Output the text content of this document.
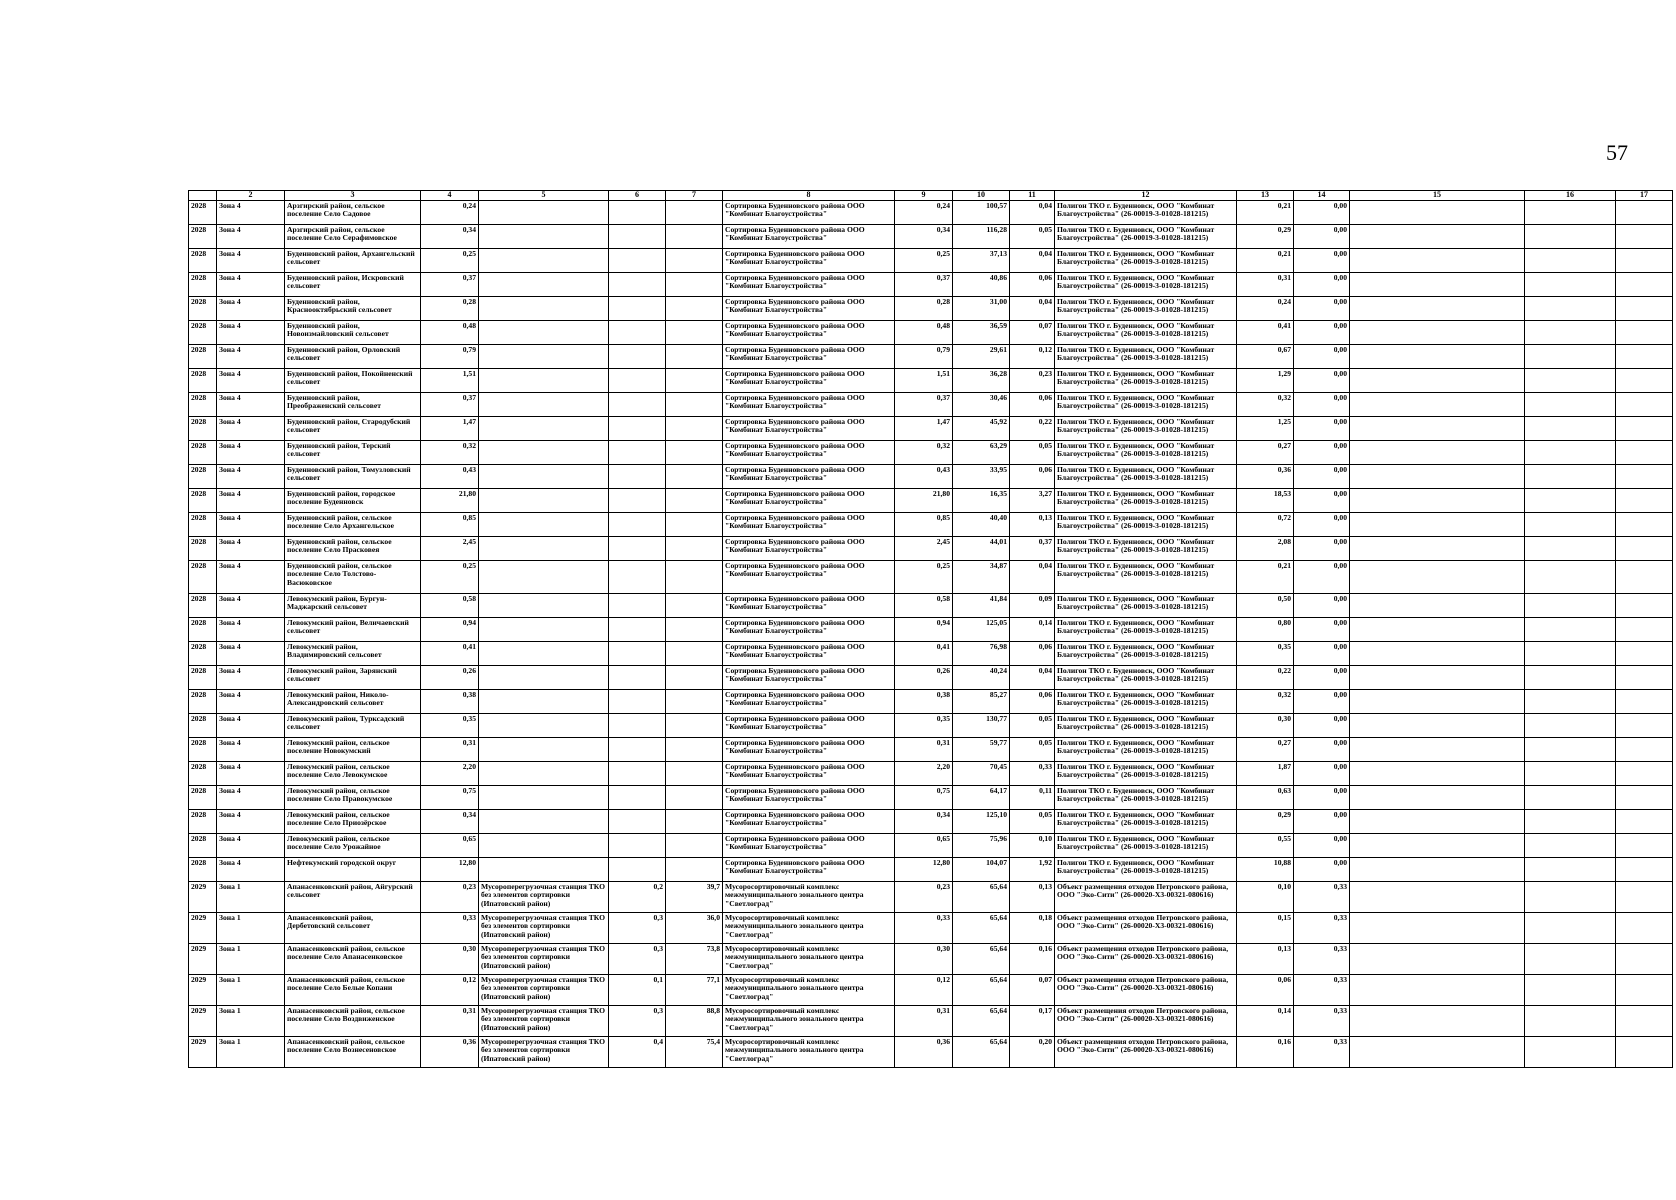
57
	2	3	4	5	6	7	8	9	10	11	12	13	14	15	16	17
2028	Зона 4	Арзгирский район, сельское поселение Село Садовое	0,24				Сортировка Буденновского района ООО "Комбинат Благоустройства"	0,24	100,57	0,04	Полигон ТКО г. Буденновск, ООО "Комбинат Благоустройства" (26-00019-3-01028-181215)	0,21	0,00			
2028	Зона 4	Арзгирский район, сельское поселение Село Серафимовское	0,34				Сортировка Буденновского района ООО "Комбинат Благоустройства"	0,34	116,28	0,05	Полигон ТКО г. Буденновск, ООО "Комбинат Благоустройства" (26-00019-3-01028-181215)	0,29	0,00			
2028	Зона 4	Буденновский район, Архангельский сельсовет	0,25				Сортировка Буденновского района ООО "Комбинат Благоустройства"	0,25	37,13	0,04	Полигон ТКО г. Буденновск, ООО "Комбинат Благоустройства" (26-00019-3-01028-181215)	0,21	0,00			
2028	Зона 4	Буденновский район, Искровский сельсовет	0,37				Сортировка Буденновского района ООО "Комбинат Благоустройства"	0,37	40,86	0,06	Полигон ТКО г. Буденновск, ООО "Комбинат Благоустройства" (26-00019-3-01028-181215)	0,31	0,00			
2028	Зона 4	Буденновский район, Красноoктябрьский сельсовет	0,28				Сортировка Буденновского района ООО "Комбинат Благоустройства"	0,28	31,00	0,04	Полигон ТКО г. Буденновск, ООО "Комбинат Благоустройства" (26-00019-3-01028-181215)	0,24	0,00			
2028	Зона 4	Буденновский район, Новоизмайловский сельсовет	0,48				Сортировка Буденновского района ООО "Комбинат Благоустройства"	0,48	36,59	0,07	Полигон ТКО г. Буденновск, ООО "Комбинат Благоустройства" (26-00019-3-01028-181215)	0,41	0,00			
2028	Зона 4	Буденновский район, Орловский сельсовет	0,79				Сортировка Буденновского района ООО "Комбинат Благоустройства"	0,79	29,61	0,12	Полигон ТКО г. Буденновск, ООО "Комбинат Благоустройства" (26-00019-3-01028-181215)	0,67	0,00			
2028	Зона 4	Буденновский район, Покойненский сельсовет	1,51				Сортировка Буденновского района ООО "Комбинат Благоустройства"	1,51	36,28	0,23	Полигон ТКО г. Буденновск, ООО "Комбинат Благоустройства" (26-00019-3-01028-181215)	1,29	0,00			
2028	Зона 4	Буденновский район, Преображенский сельсовет	0,37				Сортировка Буденновского района ООО "Комбинат Благоустройства"	0,37	30,46	0,06	Полигон ТКО г. Буденновск, ООО "Комбинат Благоустройства" (26-00019-3-01028-181215)	0,32	0,00			
2028	Зона 4	Буденновский район, Стародубский сельсовет	1,47				Сортировка Буденновского района ООО "Комбинат Благоустройства"	1,47	45,92	0,22	Полигон ТКО г. Буденновск, ООО "Комбинат Благоустройства" (26-00019-3-01028-181215)	1,25	0,00			
2028	Зона 4	Буденновский район, Терский сельсовет	0,32				Сортировка Буденновского района ООО "Комбинат Благоустройства"	0,32	63,29	0,05	Полигон ТКО г. Буденновск, ООО "Комбинат Благоустройства" (26-00019-3-01028-181215)	0,27	0,00			
2028	Зона 4	Буденновский район, Томузловский сельсовет	0,43				Сортировка Буденновского района ООО "Комбинат Благоустройства"	0,43	33,95	0,06	Полигон ТКО г. Буденновск, ООО "Комбинат Благоустройства" (26-00019-3-01028-181215)	0,36	0,00			
2028	Зона 4	Буденновский район, городское поселение Буденновск	21,80				Сортировка Буденновского района ООО "Комбинат Благоустройства"	21,80	16,35	3,27	Полигон ТКО г. Буденновск, ООО "Комбинат Благоустройства" (26-00019-3-01028-181215)	18,53	0,00			
2028	Зона 4	Буденновский район, сельское поселение Село Архангельское	0,85				Сортировка Буденновского района ООО "Комбинат Благоустройства"	0,85	40,40	0,13	Полигон ТКО г. Буденновск, ООО "Комбинат Благоустройства" (26-00019-3-01028-181215)	0,72	0,00			
2028	Зона 4	Буденновский район, сельское поселение Село Прасковея	2,45				Сортировка Буденновского района ООО "Комбинат Благоустройства"	2,45	44,01	0,37	Полигон ТКО г. Буденновск, ООО "Комбинат Благоустройства" (26-00019-3-01028-181215)	2,08	0,00			
2028	Зона 4	Буденновский район, сельское поселение Село Толстово-Васюковское	0,25				Сортировка Буденновского района ООО "Комбинат Благоустройства"	0,25	34,87	0,04	Полигон ТКО г. Буденновск, ООО "Комбинат Благоустройства" (26-00019-3-01028-181215)	0,21	0,00			
2028	Зона 4	Левокумский район, Бургун-Маджарский сельсовет	0,58				Сортировка Буденновского района ООО "Комбинат Благоустройства"	0,58	41,84	0,09	Полигон ТКО г. Буденновск, ООО "Комбинат Благоустройства" (26-00019-3-01028-181215)	0,50	0,00			
2028	Зона 4	Левокумский район, Величаевский сельсовет	0,94				Сортировка Буденновского района ООО "Комбинат Благоустройства"	0,94	125,05	0,14	Полигон ТКО г. Буденновск, ООО "Комбинат Благоустройства" (26-00019-3-01028-181215)	0,80	0,00			
2028	Зона 4	Левокумский район, Владимировский сельсовет	0,41				Сортировка Буденновского района ООО "Комбинат Благоустройства"	0,41	76,98	0,06	Полигон ТКО г. Буденновск, ООО "Комбинат Благоустройства" (26-00019-3-01028-181215)	0,35	0,00			
2028	Зона 4	Левокумский район, Зарянский сельсовет	0,26				Сортировка Буденновского района ООО "Комбинат Благоустройства"	0,26	40,24	0,04	Полигон ТКО г. Буденновск, ООО "Комбинат Благоустройства" (26-00019-3-01028-181215)	0,22	0,00			
2028	Зона 4	Левокумский район, Николо-Александровский сельсовет	0,38				Сортировка Буденновского района ООО "Комбинат Благоустройства"	0,38	85,27	0,06	Полигон ТКО г. Буденновск, ООО "Комбинат Благоустройства" (26-00019-3-01028-181215)	0,32	0,00			
2028	Зона 4	Левокумский район, Турксадский сельсовет	0,35				Сортировка Буденновского района ООО "Комбинат Благоустройства"	0,35	130,77	0,05	Полигон ТКО г. Буденновск, ООО "Комбинат Благоустройства" (26-00019-3-01028-181215)	0,30	0,00			
2028	Зона 4	Левокумский район, сельское поселение Новокумский	0,31				Сортировка Буденновского района ООО "Комбинат Благоустройства"	0,31	59,77	0,05	Полигон ТКО г. Буденновск, ООО "Комбинат Благоустройства" (26-00019-3-01028-181215)	0,27	0,00			
2028	Зона 4	Левокумский район, сельское поселение Село Левокумское	2,20				Сортировка Буденновского района ООО "Комбинат Благоустройства"	2,20	70,45	0,33	Полигон ТКО г. Буденновск, ООО "Комбинат Благоустройства" (26-00019-3-01028-181215)	1,87	0,00			
2028	Зона 4	Левокумский район, сельское поселение Село Правокумское	0,75				Сортировка Буденновского района ООО "Комбинат Благоустройства"	0,75	64,17	0,11	Полигон ТКО г. Буденновск, ООО "Комбинат Благоустройства" (26-00019-3-01028-181215)	0,63	0,00			
2028	Зона 4	Левокумский район, сельское поселение Село Приозёрское	0,34				Сортировка Буденновского района ООО "Комбинат Благоустройства"	0,34	125,10	0,05	Полигон ТКО г. Буденновск, ООО "Комбинат Благоустройства" (26-00019-3-01028-181215)	0,29	0,00			
2028	Зона 4	Левокумский район, сельское поселение Село Урожайное	0,65				Сортировка Буденновского района ООО "Комбинат Благоустройства"	0,65	75,96	0,10	Полигон ТКО г. Буденновск, ООО "Комбинат Благоустройства" (26-00019-3-01028-181215)	0,55	0,00			
2028	Зона 4	Нефтекумский городской округ	12,80				Сортировка Буденновского района ООО "Комбинат Благоустройства"	12,80	104,07	1,92	Полигон ТКО г. Буденновск, ООО "Комбинат Благоустройства" (26-00019-3-01028-181215)	10,88	0,00			
2029	Зона 1	Апанасенковский район, Айгурский сельсовет	0,23	Мусороперегрузочная станция ТКО без элементов сортировки (Ипатовский район)	0,2	39,7	Мусоросортировочный комплекс межмуниципального зонального центра "Светлоград"	0,23	65,64	0,13	Объект размещения отходов Петровского района, ООО "Эко-Сити" (26-00020-X3-00321-080616)	0,10	0,33			
2029	Зона 1	Апанасенковский район, Дербетовский сельсовет	0,33	Мусороперегрузочная станция ТКО без элементов сортировки (Ипатовский район)	0,3	36,0	Мусоросортировочный комплекс межмуниципального зонального центра "Светлоград"	0,33	65,64	0,18	Объект размещения отходов Петровского района, ООО "Эко-Сити" (26-00020-X3-00321-080616)	0,15	0,33			
2029	Зона 1	Апанасенковский район, сельское поселение Село Апанасенковское	0,30	Мусороперегрузочная станция ТКО без элементов сортировки (Ипатовский район)	0,3	73,8	Мусоросортировочный комплекс межмуниципального зонального центра "Светлоград"	0,30	65,64	0,16	Объект размещения отходов Петровского района, ООО "Эко-Сити" (26-00020-X3-00321-080616)	0,13	0,33			
2029	Зона 1	Апанасенковский район, сельское поселение Село Белые Копани	0,12	Мусороперегрузочная станция ТКО без элементов сортировки (Ипатовский район)	0,1	77,1	Мусоросортировочный комплекс межмуниципального зонального центра "Светлоград"	0,12	65,64	0,07	Объект размещения отходов Петровского района, ООО "Эко-Сити" (26-00020-X3-00321-080616)	0,06	0,33			
2029	Зона 1	Апанасенковский район, сельское поселение Село Воздвиженское	0,31	Мусороперегрузочная станция ТКО без элементов сортировки (Ипатовский район)	0,3	88,8	Мусоросортировочный комплекс межмуниципального зонального центра "Светлоград"	0,31	65,64	0,17	Объект размещения отходов Петровского района, ООО "Эко-Сити" (26-00020-X3-00321-080616)	0,14	0,33			
2029	Зона 1	Апанасенковский район, сельское поселение Село Вознесеновское	0,36	Мусороперегрузочная станция ТКО без элементов сортировки (Ипатовский район)	0,4	75,4	Мусоросортировочный комплекс межмуниципального зонального центра "Светлоград"	0,36	65,64	0,20	Объект размещения отходов Петровского района, ООО "Эко-Сити" (26-00020-X3-00321-080616)	0,16	0,33			
